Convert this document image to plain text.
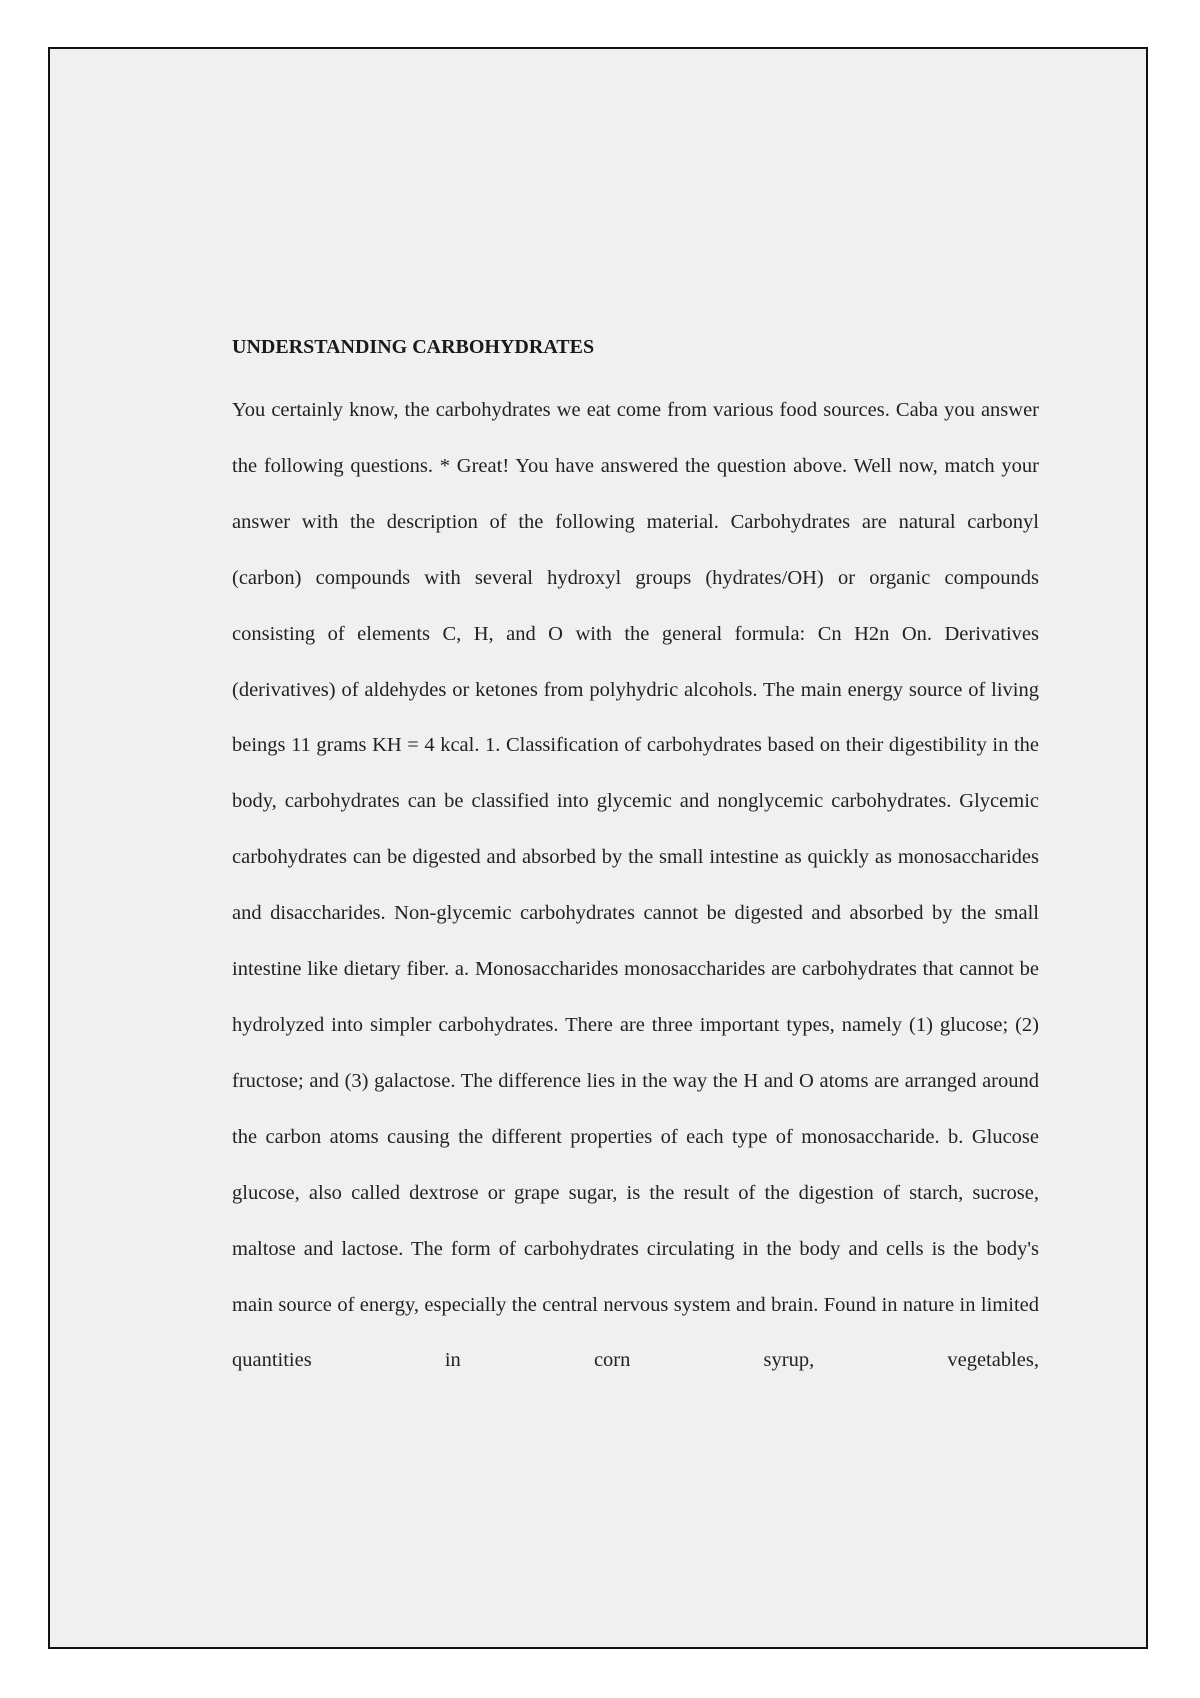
UNDERSTANDING CARBOHYDRATES

You certainly know, the carbohydrates we eat come from various food sources. Caba you answer the following questions. * Great! You have answered the question above. Well now, match your answer with the description of the following material. Carbohydrates are natural carbonyl (carbon) compounds with several hydroxyl groups (hydrates/OH) or organic compounds consisting of elements C, H, and O with the general formula: Cn H2n On. Derivatives (derivatives) of aldehydes or ketones from polyhydric alcohols. The main energy source of living beings 11 grams KH = 4 kcal. 1. Classification of carbohydrates based on their digestibility in the body, carbohydrates can be classified into glycemic and nonglycemic carbohydrates. Glycemic carbohydrates can be digested and absorbed by the small intestine as quickly as monosaccharides and disaccharides. Non-glycemic carbohydrates cannot be digested and absorbed by the small intestine like dietary fiber. a. Monosaccharides monosaccharides are carbohydrates that cannot be hydrolyzed into simpler carbohydrates. There are three important types, namely (1) glucose; (2) fructose; and (3) galactose. The difference lies in the way the H and O atoms are arranged around the carbon atoms causing the different properties of each type of monosaccharide. b. Glucose glucose, also called dextrose or grape sugar, is the result of the digestion of starch, sucrose, maltose and lactose. The form of carbohydrates circulating in the body and cells is the body's main source of energy, especially the central nervous system and brain. Found in nature in limited quantities in corn syrup, vegetables,
